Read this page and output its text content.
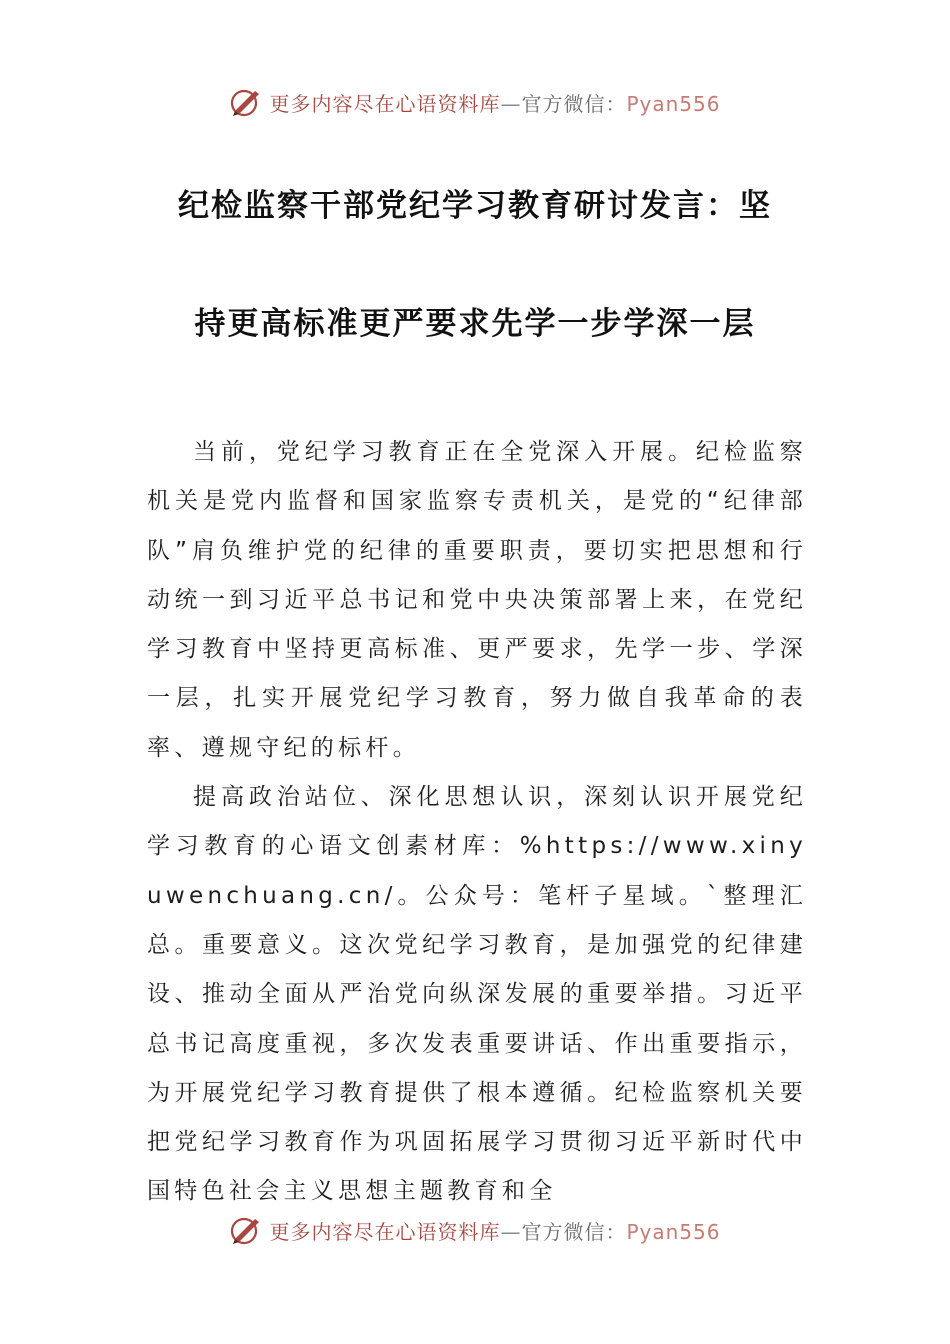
更多内容尽在心语资料库—官方微信：Pyan556
纪检监察干部党纪学习教育研讨发言：坚
持更高标准更严要求先学一步学深一层

当前，党纪学习教育正在全党深入开展。纪检监察机关是党内监督和国家监察专责机关，是党的“纪律部队”肩负维护党的纪律的重要职责，要切实把思想和行动统一到习近平总书记和党中央决策部署上来，在党纪学习教育中坚持更高标准、更严要求，先学一步、学深一层，扎实开展党纪学习教育，努力做自我革命的表率、遵规守纪的标杆。

提高政治站位、深化思想认识，深刻认识开展党纪学习教育的心语文创素材库：%https://www.xinyuwenchuang.cn/。公众号：笔杆子星域。`整理汇总。重要意义。这次党纪学习教育，是加强党的纪律建设、推动全面从严治党向纵深发展的重要举措。习近平总书记高度重视，多次发表重要讲话、作出重要指示，为开展党纪学习教育提供了根本遵循。纪检监察机关要把党纪学习教育作为巩固拓展学习贯彻习近平新时代中国特色社会主义思想主题教育和全

更多内容尽在心语资料库—官方微信：Pyan556
